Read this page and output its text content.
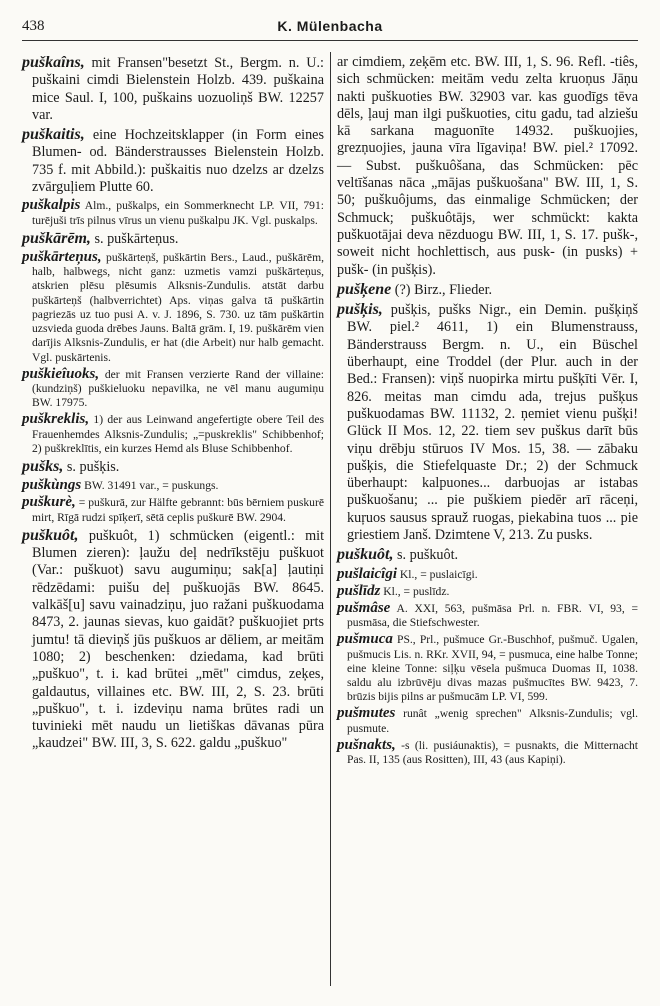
438	K. Mülenbacha

puškaîns, mit Fransen"besetzt St., Bergm. n. U.: puškaini cimdi Bielenstein Holzb. 439. puškaina mice Saul. I, 100, puškains uozuoliņš BW. 12257 var.

puškaitis, eine Hochzeitsklapper (in Form eines Blumen- od. Bänderstrausses Bielenstein Holzb. 735 f. mit Abbild.): puškaitis nuo dzelzs ar dzelzs zvārguļiem Plutte 60.

puškalpis Alm., puškalps, ein Sommerknecht LP. VII, 791: turējuši trīs pilnus vīrus un vienu puškalpu JK. Vgl. puskalps.

puškārēm, s. puškārteņus.

puškārteņus, puškārteņš, puškārtin Bers., Laud., puškārēm, halb, halbwegs, nicht ganz: uzmetis vamzi puškārteņus, atskrien plēsu plēsumis Alksnis-Zundulis. atstāt darbu puškārteņš (halbverrichtet) Aps. viņas galva tā puškārtin pagriezās uz tuo pusi A. v. J. 1896, S. 730. uz tām puškārtin uzsviedа guoda drēbes Jauns. Baltā grām. I, 19. puškārēm vien darījis Alksnis-Zundulis, er hat (die Arbeit) nur halb gemacht. Vgl. puskārtenis.

puškieîuoks, der mit Fransen verzierte Rand der villaine: (kundziņš) puškieluoku nepavilka, ne vēl manu augumiņu BW. 17975.

puškreklis, 1) der aus Leinwand angefertigte obere Teil des Frauenhemdes Alksnis-Zundulis; „=puskreklis" Schibbenhof; 2) puškreklītis, ein kurzes Hemd als Bluse Schibbenhof.

pušks, s. pušķis.

puškùngs BW. 31491 var., = puskungs.

puškurè, = puškurā, zur Hälfte gebrannt: būs bērniem puskurē mirt, Rīgā rudzi spīķerī, sētā ceplis puškurē BW. 2904.

puškuôt, puškuôt, 1) schmücken (eigentl.: mit Blumen zieren): ļaužu deļ nedrīkstēju puškuot (Var.: puškuot) savu augumiņu; sak[a] ļautiņi rēdzēdami: puišu deļ puškuojās BW. 8645. valkāš[u] savu vainadziņu, juo ražani puškuodama 8473, 2. jaunas sievas, kuo gaidāt? puškuojiet prts jumtu! tā dieviņš jūs puškuos ar dēliem, ar meitām 1080; 2) beschenken: dziedama, kad brūti „puškuo", t. i. kad brūtei „mēt" cimdus, zeķes, galdautus, villaines etc. BW. III, 2, S. 23. brūti „puškuo", t. i. izdeviņu nama brūtes radi un tuvinieki mēt naudu un lietiškas dāvanas pūra „kaudzei" BW. III, 3, S. 622. galdu „puškuo"

ar cimdiem, zeķēm etc. BW. III, 1, S. 96. Refl. -tiês, sich schmücken: meitām vedu zelta kruoņus Jāņu nakti puškuoties BW. 32903 var. kas guodīgs tēva dēls, ļauj man ilgi puškuoties, citu gadu, tad alziešu kā sarkana maguonīte 14932. puškuojies, grezņuojies, jauna vīra līgaviņa! BW. piel.² 17092. — Subst. puškuôšana, das Schmücken: pēc veltīšanas nāca „mājas puškuošana" BW. III, 1, S. 50; puškuôjums, das einmalige Schmücken; der Schmuck; puškuôtājs, wer schmückt: kakta puškuotājai deva nēzduogu BW. III, 1, S. 17. pušk-, soweit nicht hochlettisch, aus pusk- (in pusks) + pušk- (in pušķis).

pušķene (?) Birz., Flieder.

pušķis, pušķis, pušks Nigr., ein Demin. pušķiņš BW. piel.² 4611, 1) ein Blumenstrauss, Bänderstrauss Bergm. n. U., ein Büschel überhaupt, eine Troddel (der Plur. auch in der Bed.: Fransen): viņš nuopirka mirtu pušķīti Vēr. I, 826. meitas man cimdu ada, trejus pušķus puškuodamas BW. 11132, 2. ņemiet vienu pušķi! Glück II Mos. 12, 22. tiem sev puškus darīt būs viņu drēbju stūruos IV Mos. 15, 38. — zābaku pušķis, die Stiefelquaste Dr.; 2) der Schmuck überhaupt: kalpuones... darbuojas ar istabas puškuošanu; ... pie puškiem piedēr arī rāceņi, kuŗuos sausus sprauž ruogas, piekabina tuos ... pie griestiem Janš. Dzimtene V, 213. Zu pusks.

puškuôt, s. puškuôt.

pušlaicîgi Kl., = puslaicīgi.

pušlīdz Kl., = puslīdz.

pušmâse A. XXI, 563, pušmāsa Prl. n. FBR. VI, 93, = pusmāsa, die Stiefschwester.

pušmuca PS., Prl., pušmuce Gr.-Buschhof, pušmuč. Ugalen, pušmucis Lis. n. RKr. XVII, 94, = pusmuca, eine halbe Tonne; eine kleine Tonne: siļķu vēsela pušmuca Duomas II, 1038. saldu alu izbrūvēju divas mazas pušmucītes BW. 9423, 7. brūzis bijis pilns ar pušmucām LP. VI, 599.

pušmutes runât „wenig sprechen" Alksnis-Zundulis; vgl. pusmute.

pušnakts, -s (li. pusiáunaktis), = pusnakts, die Mitternacht Pas. II, 135 (aus Rositten), III, 43 (aus Kapiņi).
